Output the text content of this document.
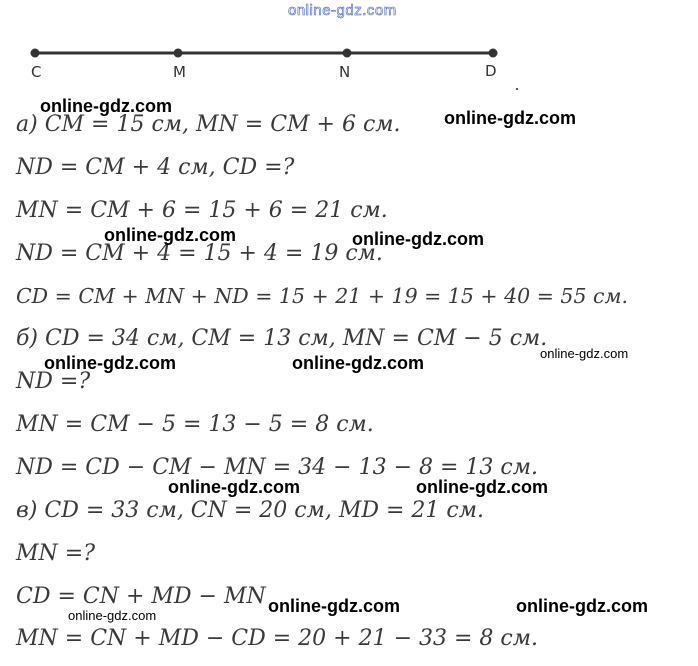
online-gdz.com
C	M	N	D
а) CM = 15 см, MN = CM + 6 см.
ND = CM + 4 см, CD =?
MN = CM + 6 = 15 + 6 = 21 см.
ND = CM + 4 = 15 + 4 = 19 см.
CD = CM + MN + ND = 15 + 21 + 19 = 15 + 40 = 55 см.
б) CD = 34 см, CM = 13 см, MN = CM − 5 см.
ND =?
MN = CM − 5 = 13 − 5 = 8 см.
ND = CD − CM − MN = 34 − 13 − 8 = 13 см.
в) CD = 33 см, CN = 20 см, MD = 21 см.
MN =?
CD = CN + MD − MN
MN = CN + MD − CD = 20 + 21 − 33 = 8 см.
online-gdz.com
online-gdz.com
online-gdz.com	online-gdz.com
online-gdz.com	online-gdz.com	online-gdz.com
online-gdz.com	online-gdz.com
online-gdz.com	online-gdz.com	online-gdz.com
